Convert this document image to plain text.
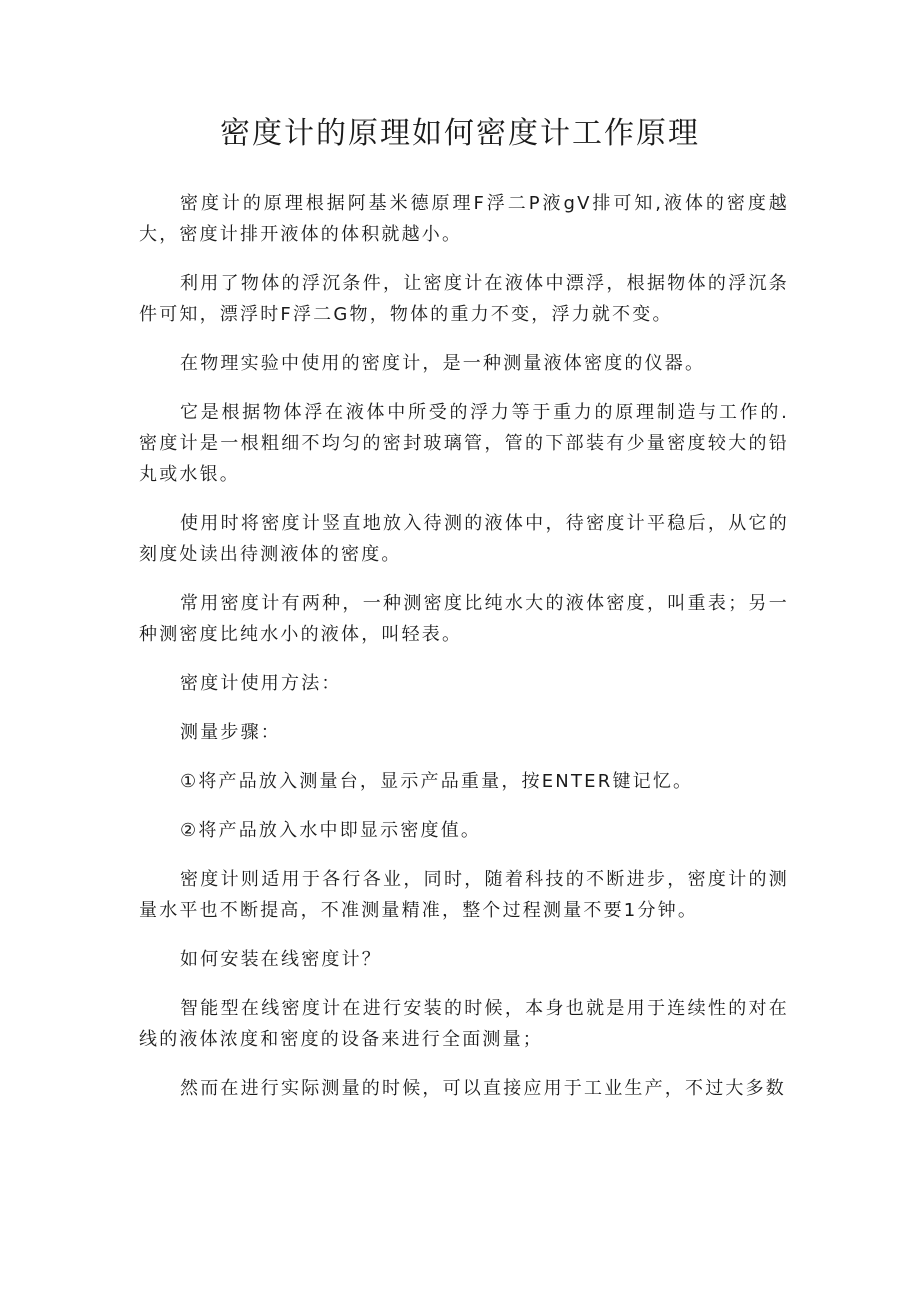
密度计的原理如何密度计工作原理

密度计的原理根据阿基米德原理F浮二P液gV排可知,液体的密度越大，密度计排开液体的体积就越小。

利用了物体的浮沉条件，让密度计在液体中漂浮，根据物体的浮沉条件可知，漂浮时F浮二G物，物体的重力不变，浮力就不变。

在物理实验中使用的密度计，是一种测量液体密度的仪器。

它是根据物体浮在液体中所受的浮力等于重力的原理制造与工作的.密度计是一根粗细不均匀的密封玻璃管，管的下部装有少量密度较大的铅丸或水银。

使用时将密度计竖直地放入待测的液体中，待密度计平稳后，从它的刻度处读出待测液体的密度。

常用密度计有两种，一种测密度比纯水大的液体密度，叫重表；另一种测密度比纯水小的液体，叫轻表。

密度计使用方法：

测量步骤：

①将产品放入测量台，显示产品重量，按ENTER键记忆。

②将产品放入水中即显示密度值。

密度计则适用于各行各业，同时，随着科技的不断进步，密度计的测量水平也不断提高，不准测量精准，整个过程测量不要1分钟。

如何安装在线密度计？

智能型在线密度计在进行安装的时候，本身也就是用于连续性的对在线的液体浓度和密度的设备来进行全面测量；

然而在进行实际测量的时候，可以直接应用于工业生产，不过大多数
